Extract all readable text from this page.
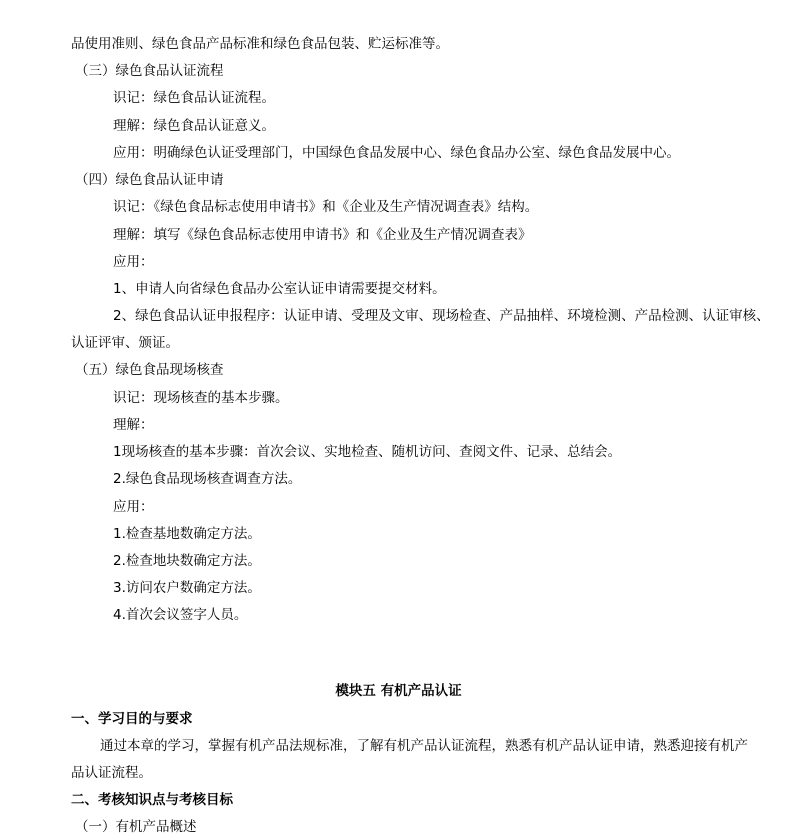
品使用准则、绿色食品产品标准和绿色食品包装、贮运标准等。
（三）绿色食品认证流程
识记：绿色食品认证流程。
理解：绿色食品认证意义。
应用：明确绿色认证受理部门，中国绿色食品发展中心、绿色食品办公室、绿色食品发展中心。
（四）绿色食品认证申请
识记：《绿色食品标志使用申请书》和《企业及生产情况调查表》结构。
理解：填写《绿色食品标志使用申请书》和《企业及生产情况调查表》
应用：
1、申请人向省绿色食品办公室认证申请需要提交材料。
2、绿色食品认证申报程序：认证申请、受理及文审、现场检查、产品抽样、环境检测、产品检测、认证审核、
认证评审、颁证。
（五）绿色食品现场核查
识记：现场核查的基本步骤。
理解：
1现场核查的基本步骤：首次会议、实地检查、随机访问、查阅文件、记录、总结会。
2.绿色食品现场核查调查方法。
应用：
1.检查基地数确定方法。
2.检查地块数确定方法。
3.访问农户数确定方法。
4.首次会议签字人员。
模块五 有机产品认证
一、学习目的与要求
通过本章的学习，掌握有机产品法规标准，了解有机产品认证流程，熟悉有机产品认证申请，熟悉迎接有机产
品认证流程。
二、考核知识点与考核目标
（一）有机产品概述
